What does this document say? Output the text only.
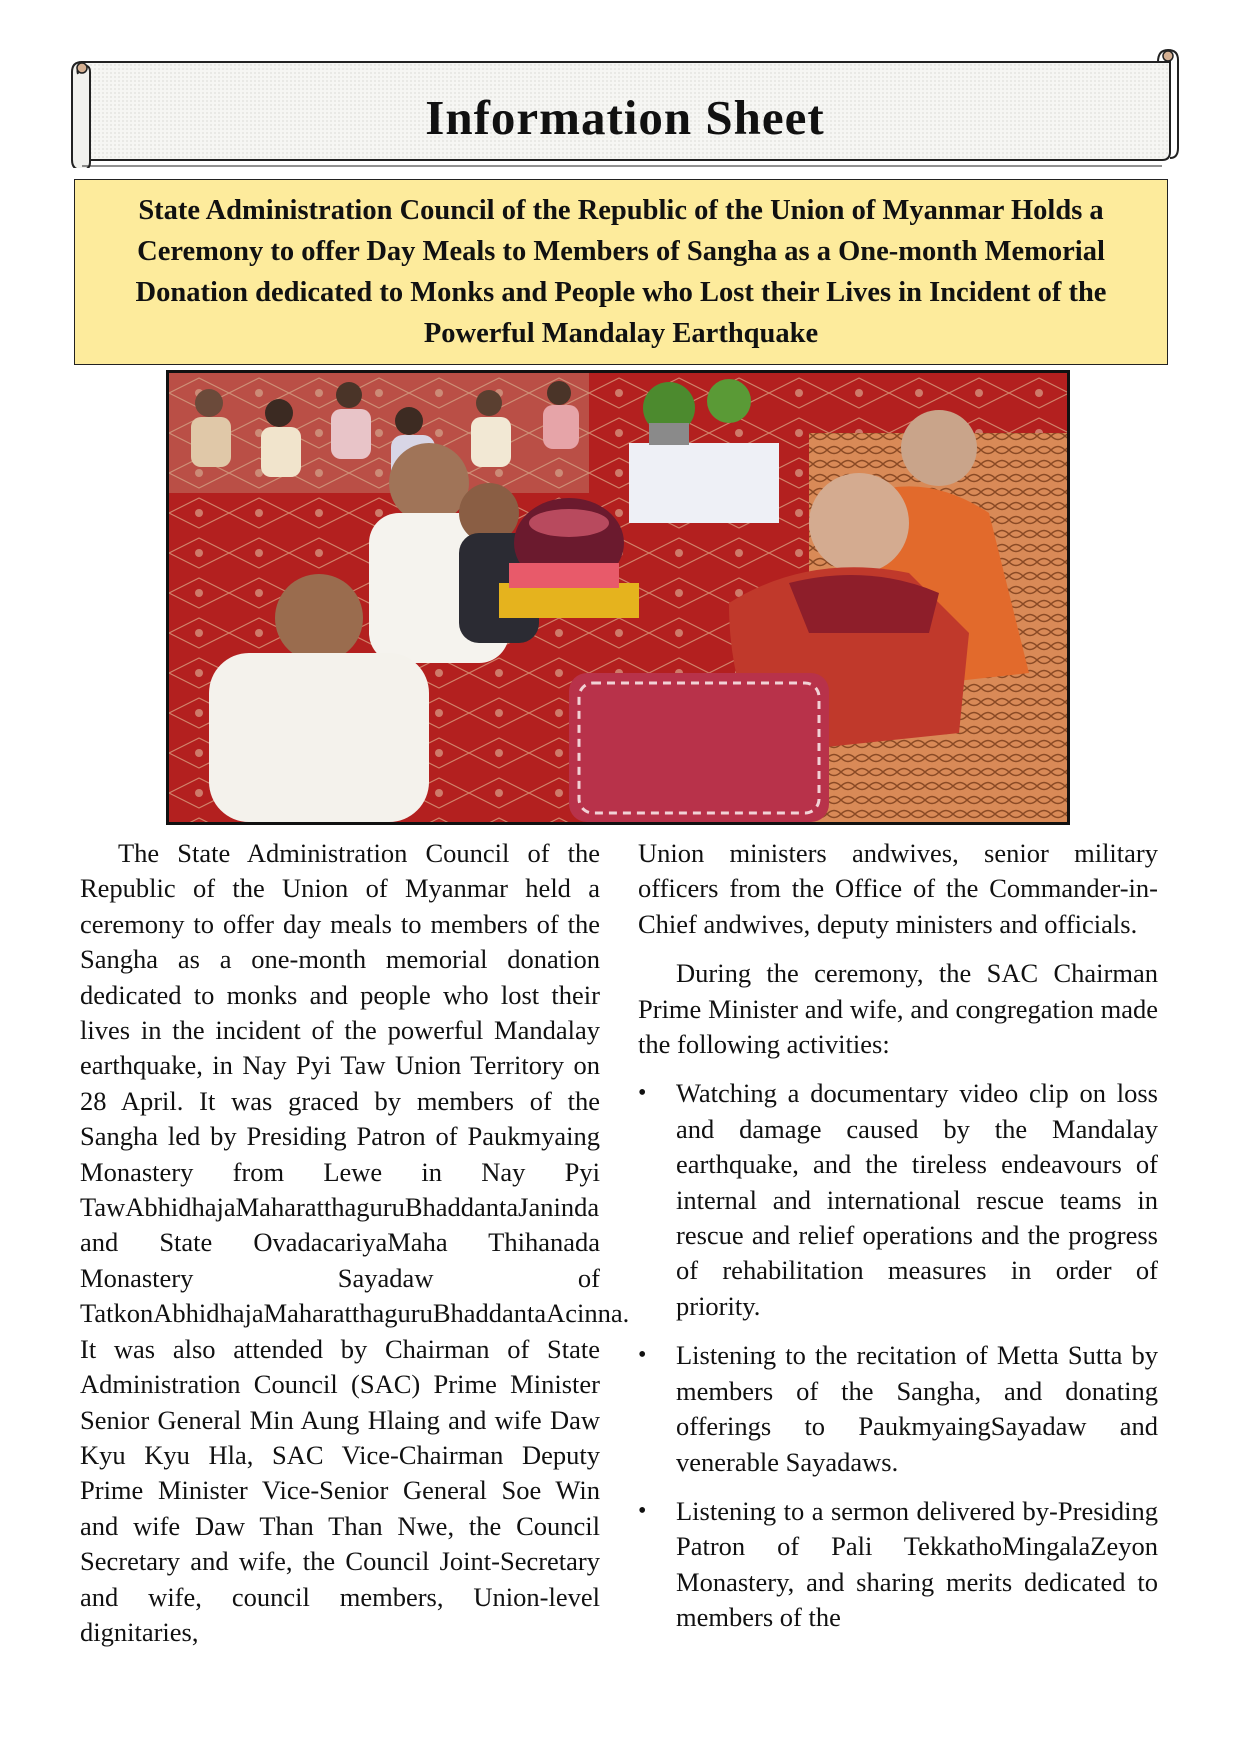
Information Sheet

State Administration Council of the Republic of the Union of Myanmar Holds a Ceremony to offer Day Meals to Members of Sangha as a One-month Memorial Donation dedicated to Monks and People who Lost their Lives in Incident of the Powerful Mandalay Earthquake

The State Administration Council of the Republic of the Union of Myanmar held a ceremony to offer day meals to members of the Sangha as a one-month memorial donation dedicated to monks and people who lost their lives in the incident of the powerful Mandalay earthquake, in Nay Pyi Taw Union Territory on 28 April. It was graced by members of the Sangha led by Presiding Patron of Paukmyaing Monastery from Lewe in Nay Pyi TawAbhidhajaMaharatthaguruBhaddantaJaninda and State OvadacariyaMaha Thihanada Monastery Sayadaw of TatkonAbhidhajaMaharatthaguruBhaddantaAcinna. It was also attended by Chairman of State Administration Council (SAC) Prime Minister Senior General Min Aung Hlaing and wife Daw Kyu Kyu Hla, SAC Vice-Chairman Deputy Prime Minister Vice-Senior General Soe Win and wife Daw Than Than Nwe, the Council Secretary and wife, the Council Joint-Secretary and wife, council members, Union-level dignitaries,

Union ministers andwives, senior military officers from the Office of the Commander-in-Chief andwives, deputy ministers and officials.

During the ceremony, the SAC Chairman Prime Minister and wife, and congregation made the following activities:

•	Watching a documentary video clip on loss and damage caused by the Mandalay earthquake, and the tireless endeavours of internal and international rescue teams in rescue and relief operations and the progress of rehabilitation measures in order of priority.
•	Listening to the recitation of Metta Sutta by members of the Sangha, and donating offerings to PaukmyaingSayadaw and venerable Sayadaws.
•	Listening to a sermon delivered by-Presiding Patron of Pali TekkathoMingalaZeyon Monastery, and sharing merits dedicated to members of the
